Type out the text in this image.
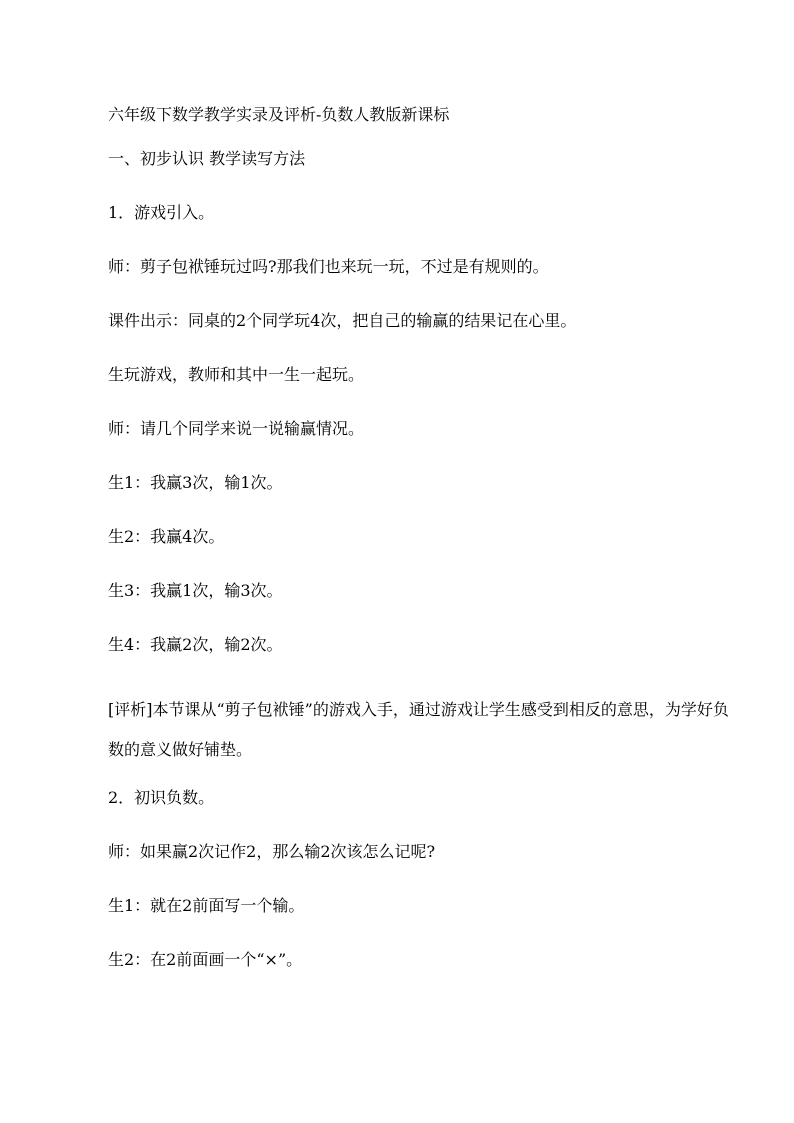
六年级下数学教学实录及评析-负数人教版新课标
一、初步认识 教学读写方法
1．游戏引入。
师：剪子包袱锤玩过吗?那我们也来玩一玩，不过是有规则的。
课件出示：同桌的2个同学玩4次，把自己的输赢的结果记在心里。
生玩游戏，教师和其中一生一起玩。
师：请几个同学来说一说输赢情况。
生1：我赢3次，输1次。
生2：我赢4次。
生3：我赢1次，输3次。
生4：我赢2次，输2次。
[评析]本节课从“剪子包袱锤”的游戏入手，通过游戏让学生感受到相反的意思，为学好负数的意义做好铺垫。
2．初识负数。
师：如果赢2次记作2，那么输2次该怎么记呢?
生1：就在2前面写一个输。
生2：在2前面画一个“×”。
